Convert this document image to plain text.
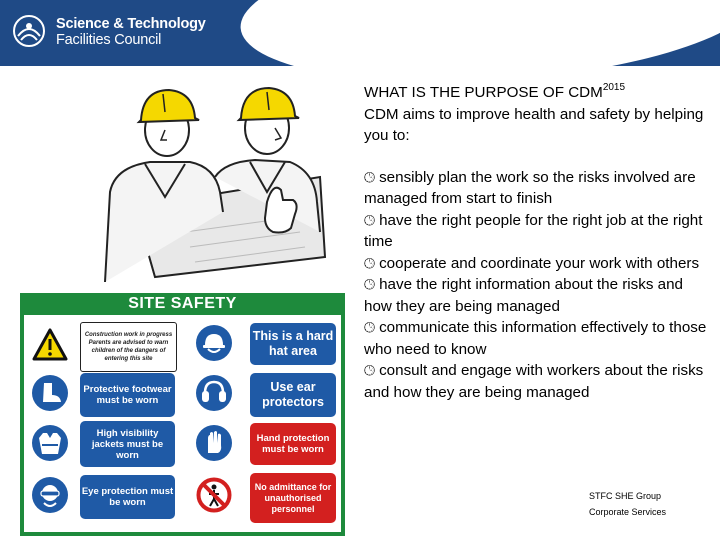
Science & Technology
Facilities Council
SITE SAFETY
Construction work in progress Parents are advised to warn children of the dangers of entering this site
This is a hard hat area
Protective footwear must be worn
Use ear protectors
High visibility jackets must be worn
Hand protection must be worn
Eye protection must be worn
No admittance for unauthorised personnel
WHAT IS THE PURPOSE OF $CDM^{2015}$
CDM aims to improve health and safety by helping you to:
🕒︎ sensibly plan the work so the risks involved are managed from start to finish
🕒︎ have the right people for the right job at the right time
🕒︎ cooperate and coordinate your work with others
🕒︎ have the right information about the risks and how they are being managed
🕒︎ communicate this information effectively to those who need to know
🕒︎ consult and engage with workers about the risks and how they are being managed
STFC SHE Group
Corporate Services
